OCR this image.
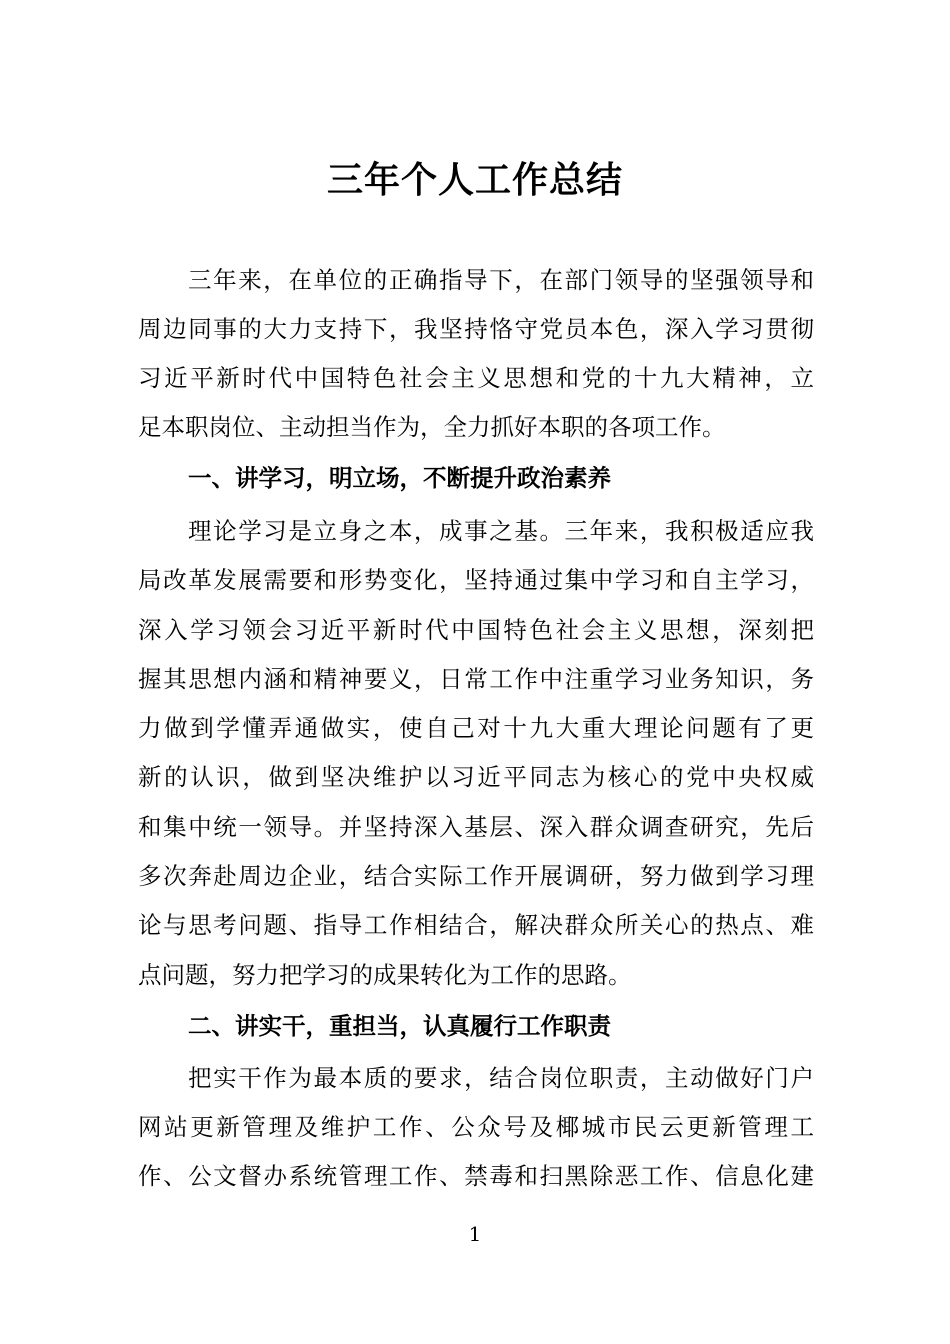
三年个人工作总结
三年来，在单位的正确指导下，在部门领导的坚强领导和
周边同事的大力支持下，我坚持恪守党员本色，深入学习贯彻
习近平新时代中国特色社会主义思想和党的十九大精神，立
足本职岗位、主动担当作为，全力抓好本职的各项工作。
一、讲学习，明立场，不断提升政治素养
理论学习是立身之本，成事之基。三年来，我积极适应我
局改革发展需要和形势变化，坚持通过集中学习和自主学习，
深入学习领会习近平新时代中国特色社会主义思想，深刻把
握其思想内涵和精神要义，日常工作中注重学习业务知识，务
力做到学懂弄通做实，使自己对十九大重大理论问题有了更
新的认识，做到坚决维护以习近平同志为核心的党中央权威
和集中统一领导。并坚持深入基层、深入群众调查研究，先后
多次奔赴周边企业，结合实际工作开展调研，努力做到学习理
论与思考问题、指导工作相结合，解决群众所关心的热点、难
点问题，努力把学习的成果转化为工作的思路。
二、讲实干，重担当，认真履行工作职责
把实干作为最本质的要求，结合岗位职责，主动做好门户
网站更新管理及维护工作、公众号及椰城市民云更新管理工
作、公文督办系统管理工作、禁毒和扫黑除恶工作、信息化建
1
